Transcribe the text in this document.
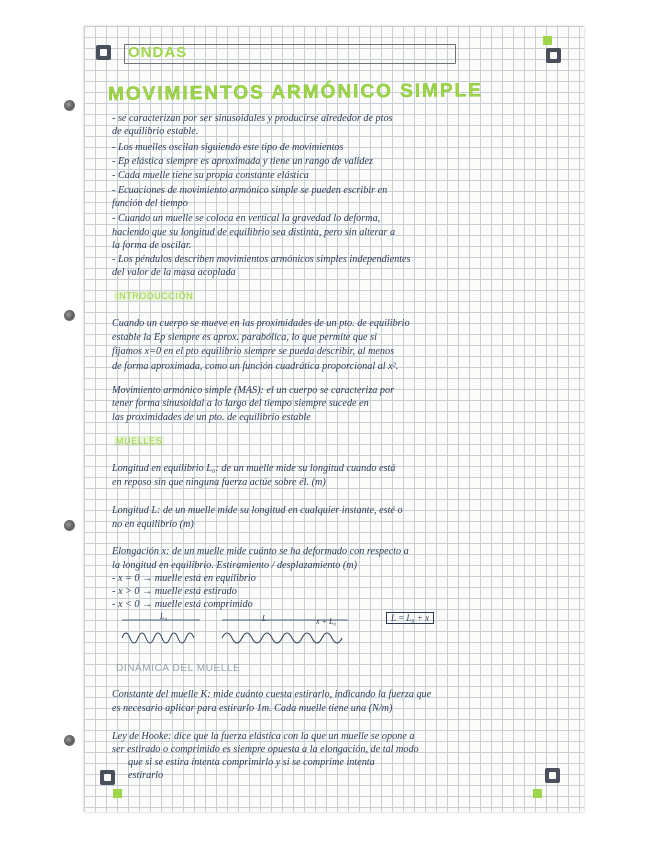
ONDAS
MOVIMIENTOS ARMÓNICO SIMPLE
- se caracterizan por ser sinusoidales y producirse alrededor de ptos
de equilibrio estable.
- Los muelles oscilan siguiendo este tipo de movimientos
- Ep elástica siempre es aproximada y tiene un rango de validez
- Cada muelle tiene su propia constante elástica
- Ecuaciones de movimiento armónico simple se pueden escribir en
función del tiempo
- Cuando un muelle se coloca en vertical la gravedad lo deforma,
haciendo que su longitud de equilibrio sea distinta, pero sin alterar a
la forma de oscilar.
- Los péndulos describen movimientos armónicos simples independientes
del valor de la masa acoplada
INTRODUCCIÓN
Cuando un cuerpo se mueve en las proximidades de un pto. de equilibrio
estable la Ep siempre es aprox. parabólica, lo que permite que si
fijamos x=0 en el pto equilibrio siempre se pueda describir, al menos
de forma aproximada, como un función cuadrática proporcional al x².
Movimiento armónico simple (MAS): el un cuerpo se caracteriza por
tener forma sinusoidal a lo largo del tiempo siempre sucede en
las proximidades de un pto. de equilibrio estable
MUELLES
Longitud en equilibrio L₀: de un muelle mide su longitud cuando está
en reposo sin que ninguna fuerza actúe sobre él. (m)
Longitud L: de un muelle mide su longitud en cualquier instante, esté o
no en equilibrio (m)
Elongación x: de un muelle mide cuánto se ha deformado con respecto a
la longitud en equilibrio. Estiramiento / desplazamiento (m)
- x = 0 → muelle está en equilibrio
- x > 0 → muelle está estirado
- x < 0 → muelle está comprimido
L₀	L	x + L₀	L = L₀ + x
DINÁMICA DEL MUELLE
Constante del muelle K: mide cuánto cuesta estirarlo, indicando la fuerza que
es necesario aplicar para estirarlo 1m. Cada muelle tiene una (N/m)
Ley de Hooke: dice que la fuerza elástica con la que un muelle se opone a
ser estirado o comprimido es siempre opuesta a la elongación, de tal modo
que si se estira intenta comprimirlo y si se comprime intenta
estirarlo
